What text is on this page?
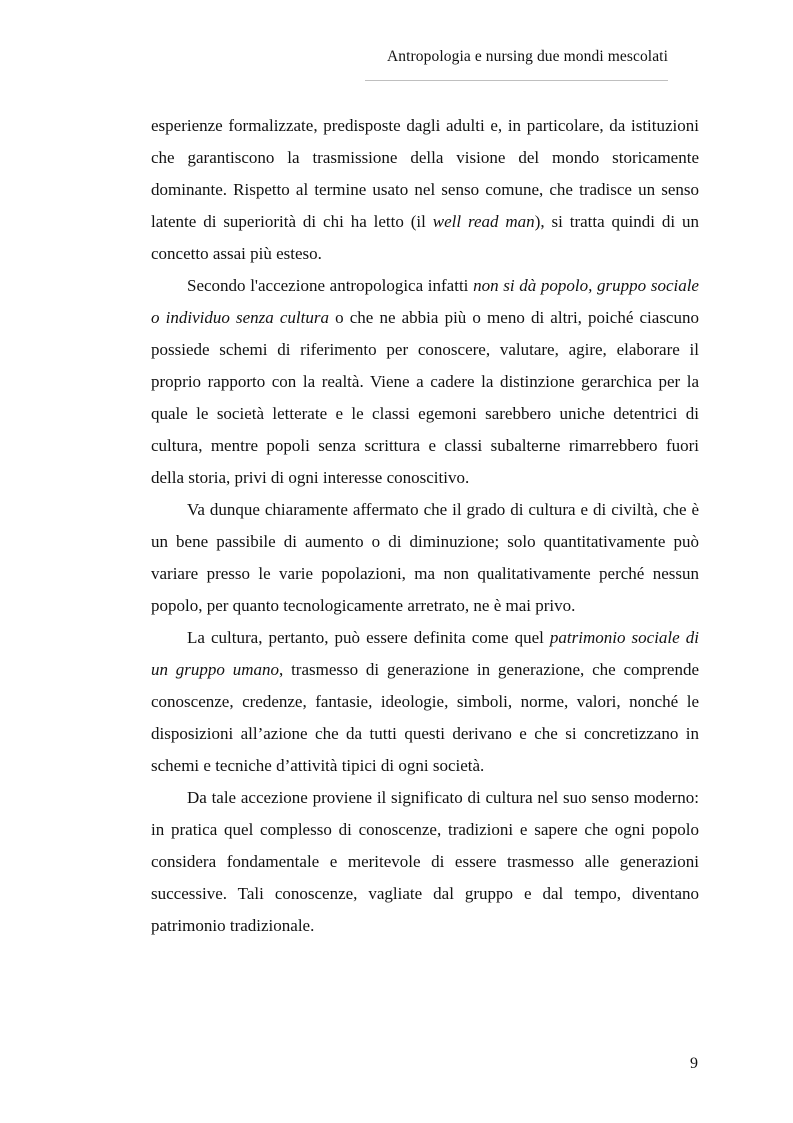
Antropologia e nursing due mondi mescolati

esperienze formalizzate, predisposte dagli adulti e, in particolare, da istituzioni che garantiscono la trasmissione della visione del mondo storicamente dominante. Rispetto al termine usato nel senso comune, che tradisce un senso latente di superiorità di chi ha letto (il well read man), si tratta quindi di un concetto assai più esteso.

Secondo l'accezione antropologica infatti non si dà popolo, gruppo sociale o individuo senza cultura o che ne abbia più o meno di altri, poiché ciascuno possiede schemi di riferimento per conoscere, valutare, agire, elaborare il proprio rapporto con la realtà. Viene a cadere la distinzione gerarchica per la quale le società letterate e le classi egemoni sarebbero uniche detentrici di cultura, mentre popoli senza scrittura e classi subalterne rimarrebbero fuori della storia, privi di ogni interesse conoscitivo.

Va dunque chiaramente affermato che il grado di cultura e di civiltà, che è un bene passibile di aumento o di diminuzione; solo quantitativamente può variare presso le varie popolazioni, ma non qualitativamente perché nessun popolo, per quanto tecnologicamente arretrato, ne è mai privo.

La cultura, pertanto, può essere definita come quel patrimonio sociale di un gruppo umano, trasmesso di generazione in generazione, che comprende conoscenze, credenze, fantasie, ideologie, simboli, norme, valori, nonché le disposizioni all’azione che da tutti questi derivano e che si concretizzano in schemi e tecniche d’attività tipici di ogni società.

Da tale accezione proviene il significato di cultura nel suo senso moderno: in pratica quel complesso di conoscenze, tradizioni e sapere che ogni popolo considera fondamentale e meritevole di essere trasmesso alle generazioni successive. Tali conoscenze, vagliate dal gruppo e dal tempo, diventano patrimonio tradizionale.

9
